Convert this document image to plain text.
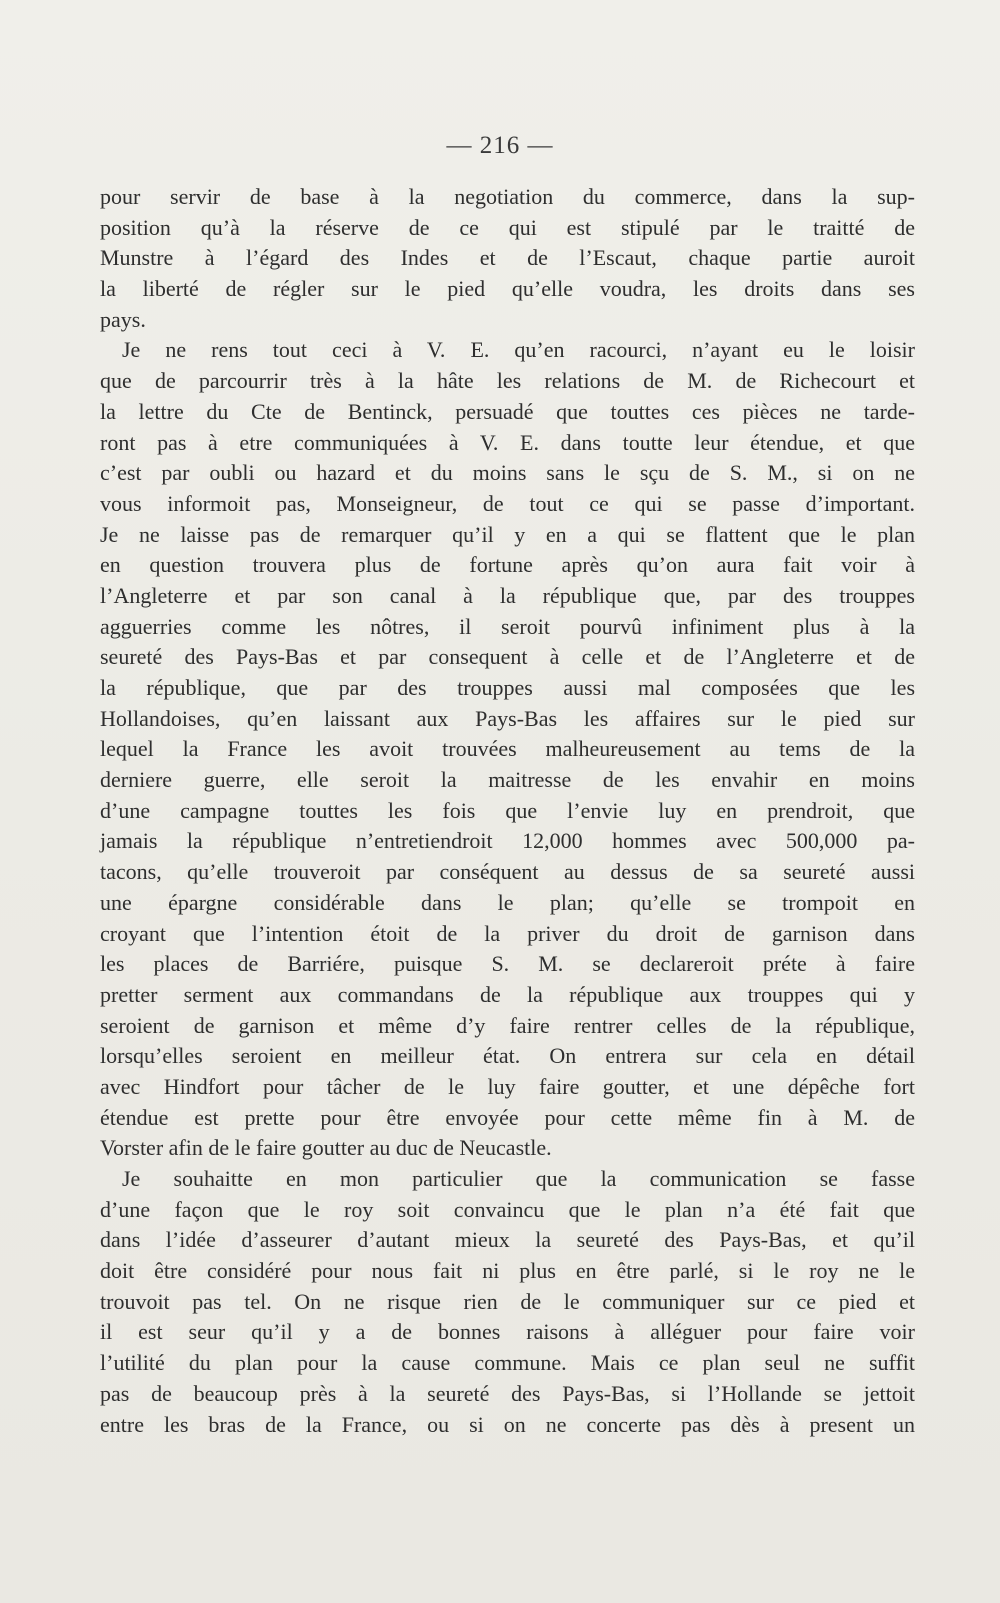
— 216 —
pour servir de base à la negotiation du commerce, dans la sup-
position qu’à la réserve de ce qui est stipulé par le traitté de
Munstre à l’égard des Indes et de l’Escaut, chaque partie auroit
la liberté de régler sur le pied qu’elle voudra, les droits dans ses
pays.
Je ne rens tout ceci à V. E. qu’en racourci, n’ayant eu le loisir
que de parcourrir très à la hâte les relations de M. de Richecourt et
la lettre du Cte de Bentinck, persuadé que touttes ces pièces ne tarde-
ront pas à etre communiquées à V. E. dans toutte leur étendue, et que
c’est par oubli ou hazard et du moins sans le sçu de S. M., si on ne
vous informoit pas, Monseigneur, de tout ce qui se passe d’important.
Je ne laisse pas de remarquer qu’il y en a qui se flattent que le plan
en question trouvera plus de fortune après qu’on aura fait voir à
l’Angleterre et par son canal à la république que, par des trouppes
agguerries comme les nôtres, il seroit pourvû infiniment plus à la
seureté des Pays-Bas et par consequent à celle et de l’Angleterre et de
la république, que par des trouppes aussi mal composées que les
Hollandoises, qu’en laissant aux Pays-Bas les affaires sur le pied sur
lequel la France les avoit trouvées malheureusement au tems de la
derniere guerre, elle seroit la maitresse de les envahir en moins
d’une campagne touttes les fois que l’envie luy en prendroit, que
jamais la république n’entretiendroit 12,000 hommes avec 500,000 pa-
tacons, qu’elle trouveroit par conséquent au dessus de sa seureté aussi
une épargne considérable dans le plan; qu’elle se trompoit en
croyant que l’intention étoit de la priver du droit de garnison dans
les places de Barriére, puisque S. M. se declareroit préte à faire
pretter serment aux commandans de la république aux trouppes qui y
seroient de garnison et même d’y faire rentrer celles de la république,
lorsqu’elles seroient en meilleur état. On entrera sur cela en détail
avec Hindfort pour tâcher de le luy faire goutter, et une dépêche fort
étendue est prette pour être envoyée pour cette même fin à M. de
Vorster afin de le faire goutter au duc de Neucastle.
Je souhaitte en mon particulier que la communication se fasse
d’une façon que le roy soit convaincu que le plan n’a été fait que
dans l’idée d’asseurer d’autant mieux la seureté des Pays-Bas, et qu’il
doit être considéré pour nous fait ni plus en être parlé, si le roy ne le
trouvoit pas tel. On ne risque rien de le communiquer sur ce pied et
il est seur qu’il y a de bonnes raisons à alléguer pour faire voir
l’utilité du plan pour la cause commune. Mais ce plan seul ne suffit
pas de beaucoup près à la seureté des Pays-Bas, si l’Hollande se jettoit
entre les bras de la France, ou si on ne concerte pas dès à present un
